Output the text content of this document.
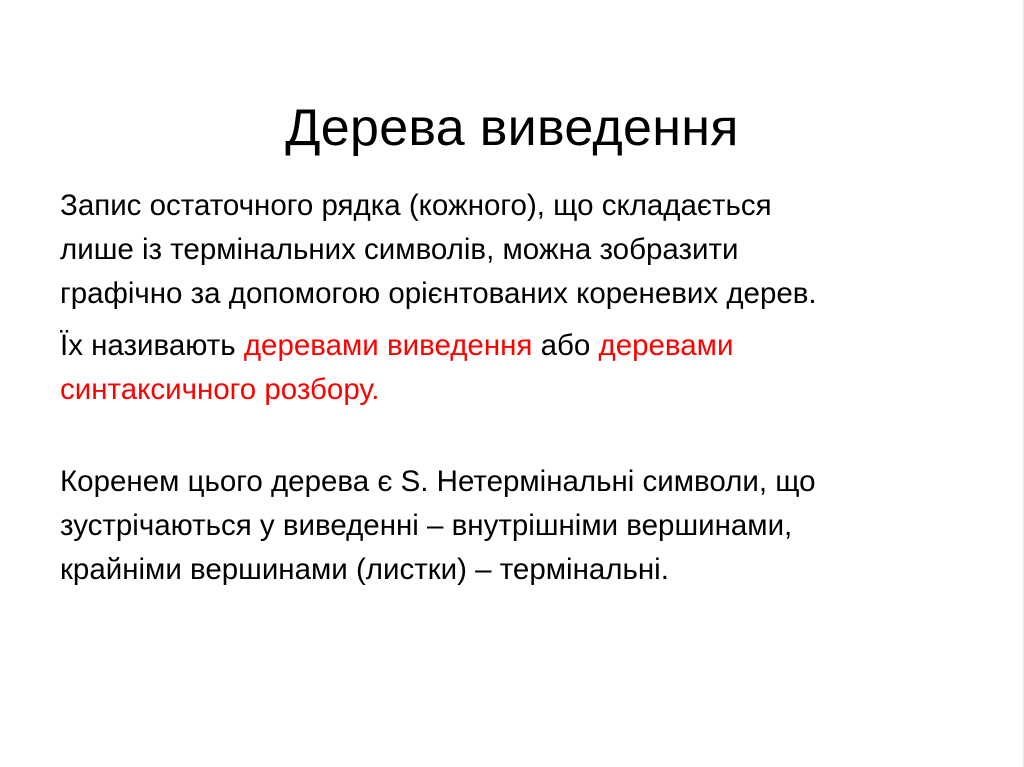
Дерева виведення

Запис остаточного рядка (кожного), що складається
лише із термінальних символів, можна зобразити
графічно за допомогою орієнтованих кореневих дерев.

Їх називають деревами виведення або деревами
синтаксичного розбору.

Коренем цього дерева є S. Нетермінальні символи, що
зустрічаються у виведенні – внутрішніми вершинами,
крайніми вершинами (листки) – термінальні.
